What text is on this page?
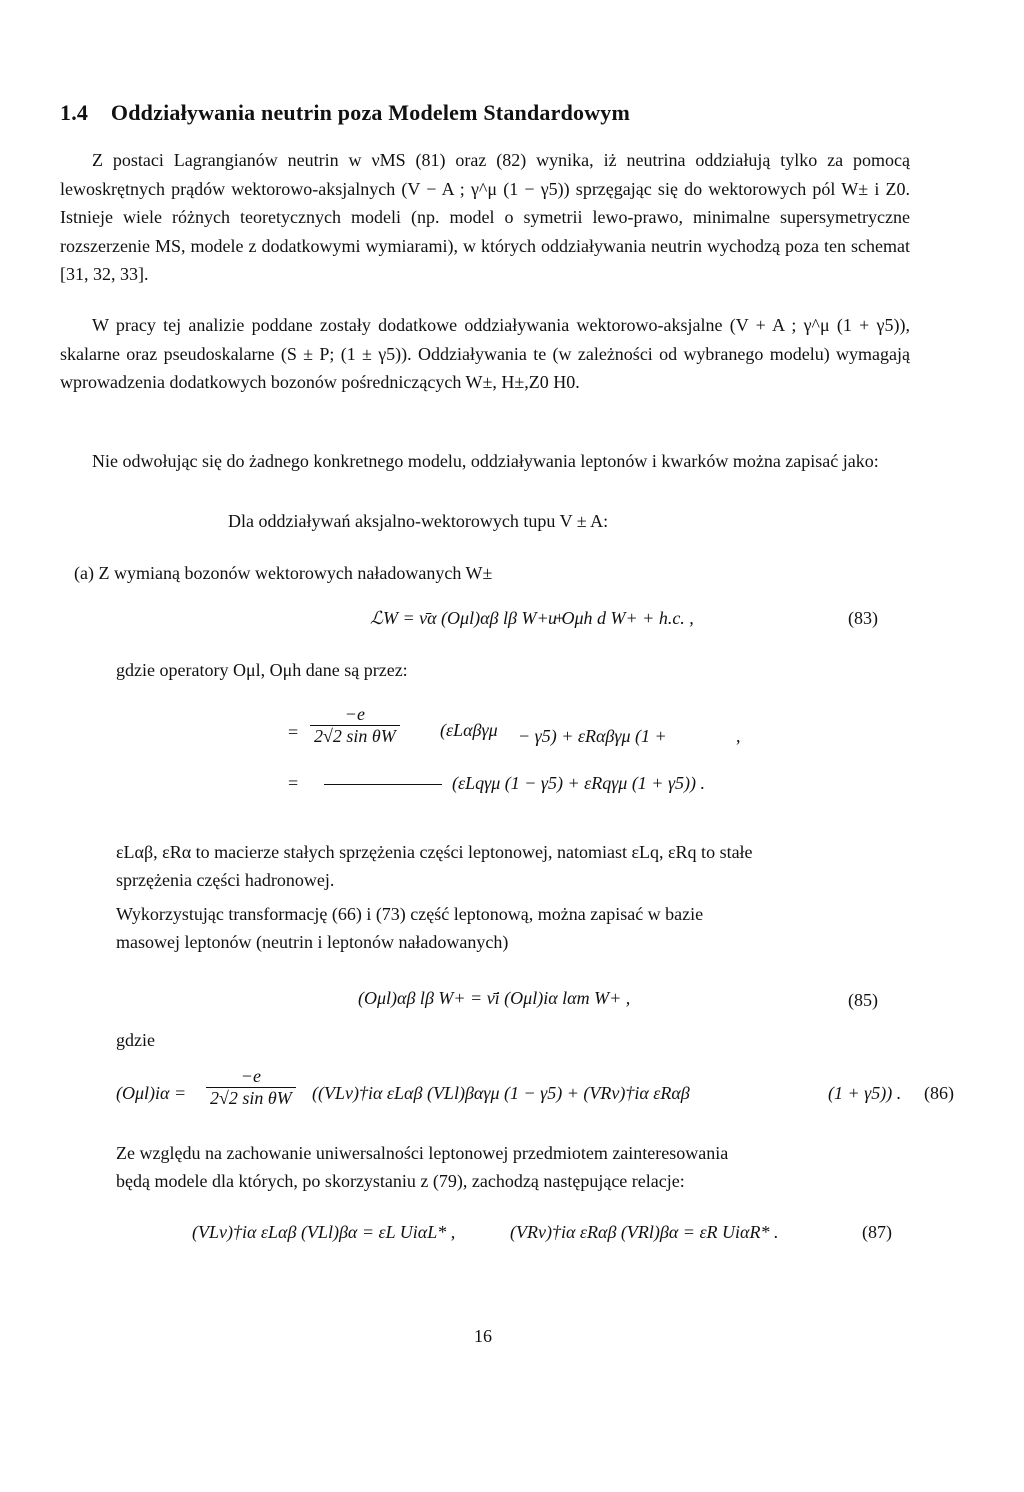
1.4 Oddziaływania neutrin poza Modelem Standardowym
Z postaci Lagrangianów neutrin w νMS (81) oraz (82) wynika, iż neutrina oddziałują tylko za pomocą lewoskrętnych prądów wektorowo-aksjalnych (V − A ; γ^μ (1 − γ5)) sprzęgając się do wektorowych pól W± i Z0. Istnieje wiele różnych teoretycznych modeli (np. model o symetrii lewo-prawo, minimalne supersymetryczne rozszerzenie MS, modele z dodatkowymi wymiarami), w których oddziaływania neutrin wychodzą poza ten schemat [31, 32, 33].
W pracy tej analizie poddane zostały dodatkowe oddziaływania wektorowo-aksjalne (V + A ; γ^μ (1 + γ5)), skalarne oraz pseudoskalarne (S ± P; (1 ± γ5)). Oddziaływania te (w zależności od wybranego modelu) wymagają wprowadzenia dodatkowych bozonów pośredniczących W±, H±,Z0 H0.
Nie odwołując się do żadnego konkretnego modelu, oddziaływania leptonów i kwarków można zapisać jako:
Dla oddziaływań aksjalno-wektorowych tupu V ± A:
(a) Z wymianą bozonów wektorowych naładowanych W±
ℒW = ν̄α (Oμl)αβ lβ W+ +
u Oμh d W+ + h.c. ,	(83)
gdzie operatory Oμl, Oμh dane są przez:
= $\frac{-e}{\text{2√2 sin θW}} (\varepsilon L\alpha\beta\gamma\mu - \gamma 5) + \varepsilon R\alpha\beta\gamma\mu$ (1 +	,
=	(εLqγμ (1 − γ5) + εRqγμ (1 + γ5)) .
εLαβ, εRα to macierze stałych sprzężenia części leptonowej, natomiast εLq, εRq to stałe
sprzężenia części hadronowej.
Wykorzystując transformację (66) i (73) część leptonową, można zapisać w bazie
masowej leptonów (neutrin i leptonów naładowanych)
(Oμl)αβ lβ W+ = ν̄i (Oμl)iα lαm W+ ,	(85)
gdzie
$(O\mu l)i\alpha = \frac{-e}{\text{2√2 sin θW}}$ ((VLν)†iα εLαβ (VLl)βαγμ (1 − γ5) + (VRν)†iα εRαβ	(1 + γ5)) . (86)
Ze względu na zachowanie uniwersalności leptonowej przedmiotem zainteresowania
będą modele dla których, po skorzystaniu z (79), zachodzą następujące relacje:
(VLν)†iα εLαβ (VLl)βα = εL UiαL* ,	(VRν)†iα εRαβ (VRl)βα = εR UiαR* .	(87)
16
